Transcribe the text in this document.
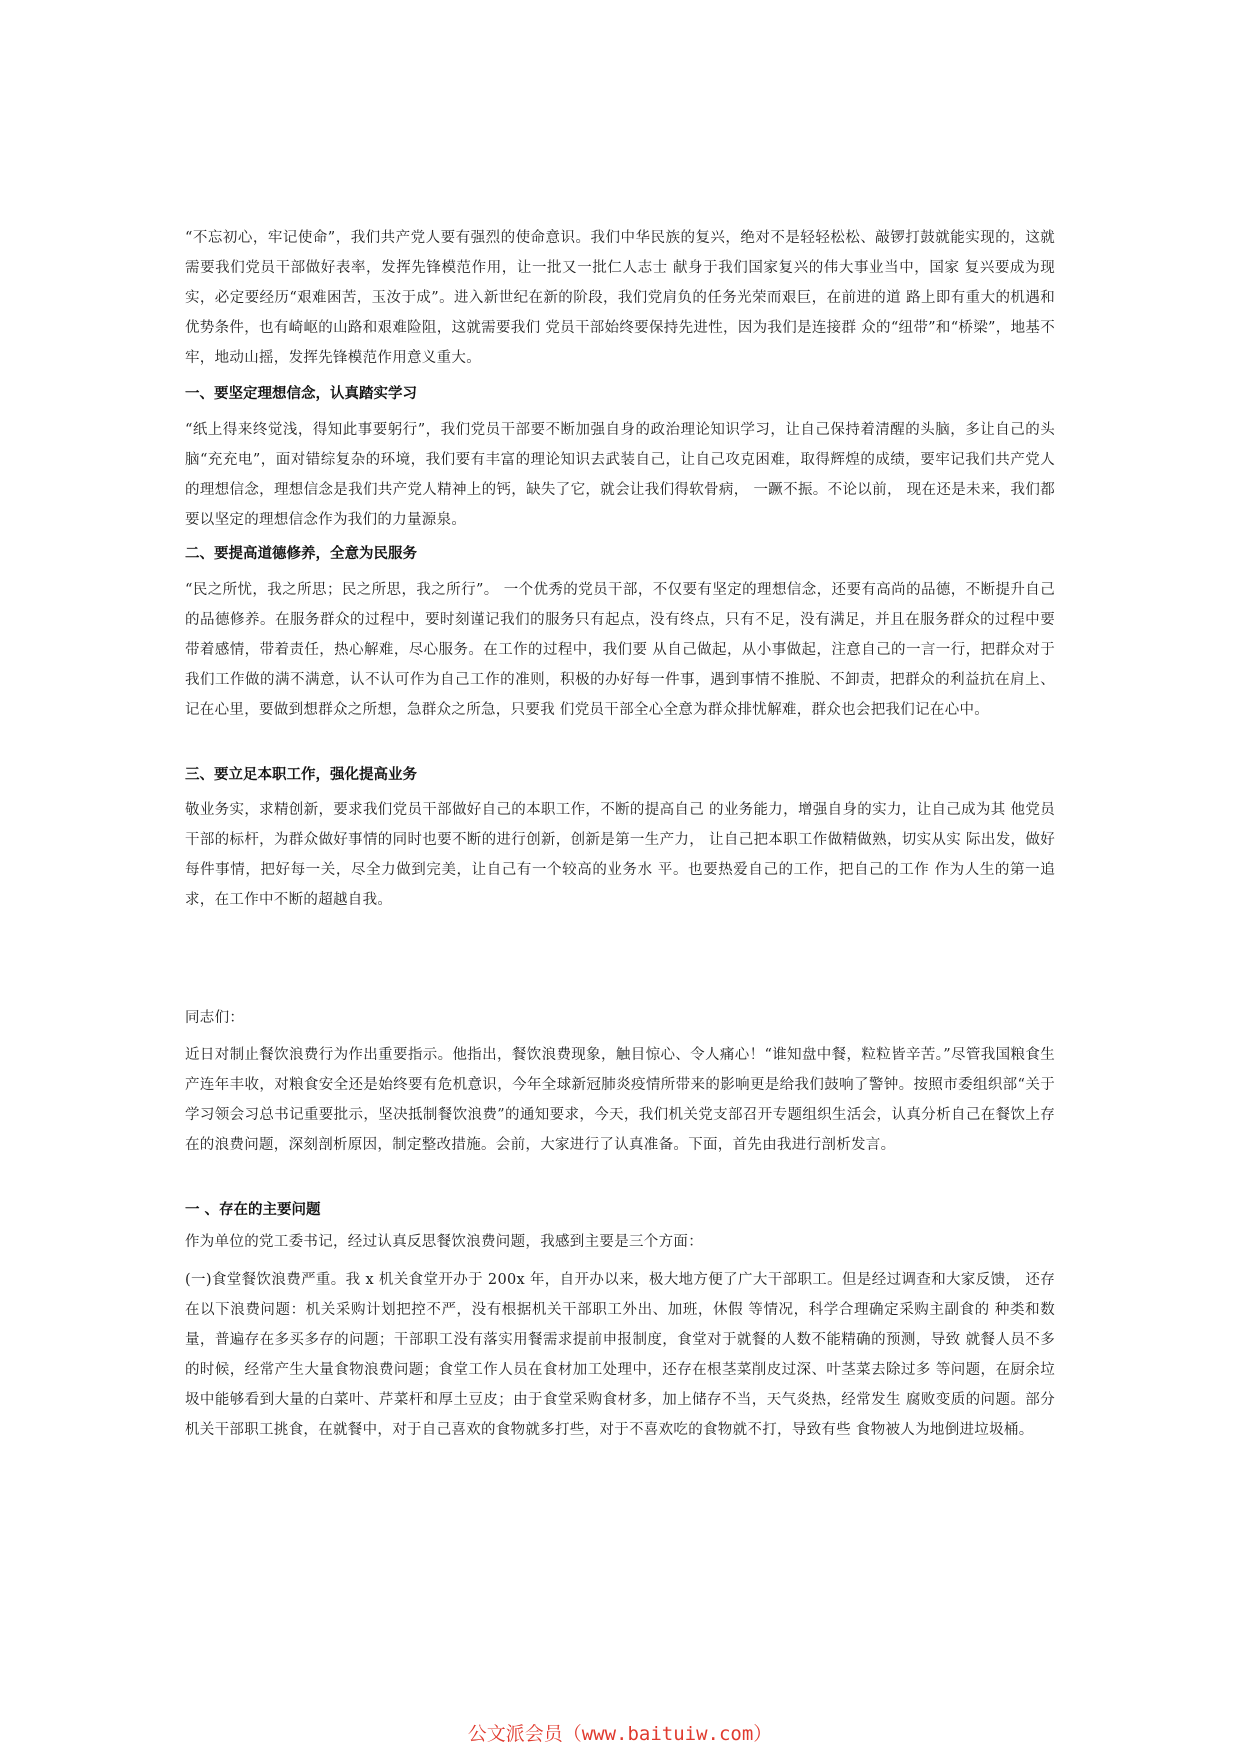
“不忘初心，牢记使命”，我们共产党人要有强烈的使命意识。我们中华民族的复兴，绝对不是轻轻松松、敲锣打鼓就能实现的，这就需要我们党员干部做好表率，发挥先锋模范作用，让一批又一批仁人志士 献身于我们国家复兴的伟大事业当中，国家 复兴要成为现实，必定要经历“艰难困苦，玉汝于成”。进入新世纪在新的阶段，我们党肩负的任务光荣而艰巨，在前进的道 路上即有重大的机遇和优势条件，也有崎岖的山路和艰难险阻，这就需要我们 党员干部始终要保持先进性，因为我们是连接群 众的“纽带”和“桥梁”，地基不牢，地动山摇，发挥先锋模范作用意义重大。

一、要坚定理想信念，认真踏实学习

“纸上得来终觉浅，得知此事要躬行”，我们党员干部要不断加强自身的政治理论知识学习，让自己保持着清醒的头脑，多让自己的头脑“充充电”，面对错综复杂的环境，我们要有丰富的理论知识去武装自己，让自己攻克困难，取得辉煌的成绩，要牢记我们共产党人的理想信念，理想信念是我们共产党人精神上的钙，缺失了它，就会让我们得软骨病， 一蹶不振。不论以前， 现在还是未来，我们都要以坚定的理想信念作为我们的力量源泉。

二、要提高道德修养，全意为民服务

“民之所忧，我之所思；民之所思，我之所行”。 一个优秀的党员干部，不仅要有坚定的理想信念，还要有高尚的品德，不断提升自己的品德修养。在服务群众的过程中，要时刻谨记我们的服务只有起点，没有终点，只有不足，没有满足，并且在服务群众的过程中要带着感情，带着责任，热心解难，尽心服务。在工作的过程中，我们要 从自己做起，从小事做起，注意自己的一言一行，把群众对于我们工作做的满不满意，认不认可作为自己工作的准则，积极的办好每一件事，遇到事情不推脱、不卸责，把群众的利益抗在肩上、记在心里，要做到想群众之所想，急群众之所急，只要我 们党员干部全心全意为群众排忧解难，群众也会把我们记在心中。

三、要立足本职工作，强化提高业务

敬业务实，求精创新，要求我们党员干部做好自己的本职工作，不断的提高自己 的业务能力，增强自身的实力，让自己成为其 他党员干部的标杆，为群众做好事情的同时也要不断的进行创新，创新是第一生产力， 让自己把本职工作做精做熟，切实从实 际出发，做好每件事情，把好每一关，尽全力做到完美，让自己有一个较高的业务水 平。也要热爱自己的工作，把自己的工作 作为人生的第一追求，在工作中不断的超越自我。

同志们：

近日对制止餐饮浪费行为作出重要指示。他指出，餐饮浪费现象，触目惊心、令人痛心！“谁知盘中餐，粒粒皆辛苦。”尽管我国粮食生产连年丰收，对粮食安全还是始终要有危机意识，今年全球新冠肺炎疫情所带来的影响更是给我们鼓响了警钟。按照市委组织部“关于学习领会习总书记重要批示，坚决抵制餐饮浪费”的通知要求，今天，我们机关党支部召开专题组织生活会，认真分析自己在餐饮上存在的浪费问题，深刻剖析原因，制定整改措施。会前，大家进行了认真准备。下面，首先由我进行剖析发言。

一 、存在的主要问题

作为单位的党工委书记，经过认真反思餐饮浪费问题，我感到主要是三个方面：

(一)食堂餐饮浪费严重。我 x 机关食堂开办于 200x 年，自开办以来，极大地方便了广大干部职工。但是经过调查和大家反馈， 还存在以下浪费问题：机关采购计划把控不严，没有根据机关干部职工外出、加班，休假 等情况，科学合理确定采购主副食的 种类和数量，普遍存在多买多存的问题；干部职工没有落实用餐需求提前申报制度，食堂对于就餐的人数不能精确的预测，导致 就餐人员不多的时候，经常产生大量食物浪费问题；食堂工作人员在食材加工处理中，还存在根茎菜削皮过深、叶茎菜去除过多 等问题，在厨余垃圾中能够看到大量的白菜叶、芹菜杆和厚土豆皮；由于食堂采购食材多，加上储存不当，天气炎热，经常发生 腐败变质的问题。部分机关干部职工挑食，在就餐中，对于自己喜欢的食物就多打些，对于不喜欢吃的食物就不打，导致有些 食物被人为地倒进垃圾桶。

公文派会员（www.baituiw.com）
